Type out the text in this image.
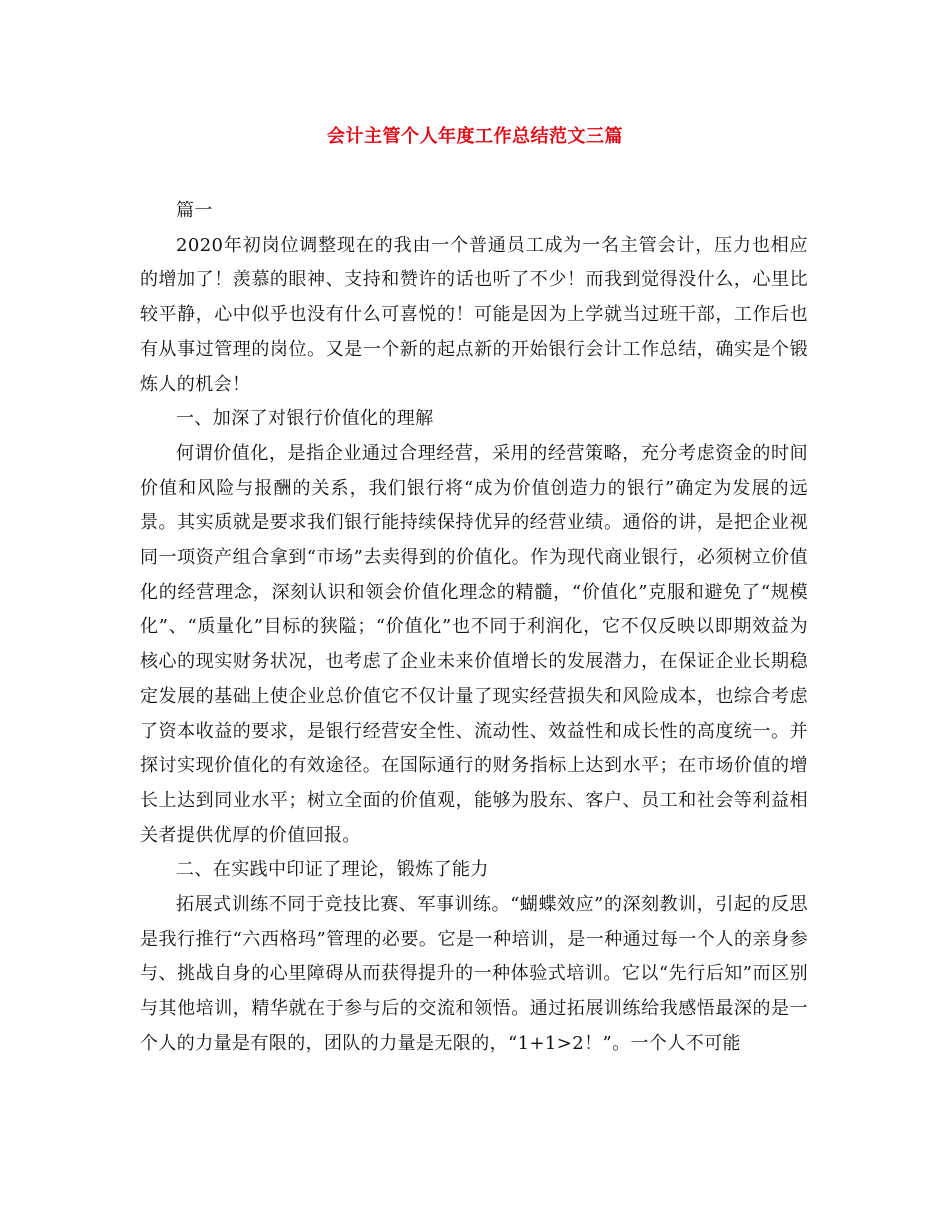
会计主管个人年度工作总结范文三篇

篇一

2020年初岗位调整现在的我由一个普通员工成为一名主管会计，压力也相应的增加了！羡慕的眼神、支持和赞许的话也听了不少！而我到觉得没什么，心里比较平静，心中似乎也没有什么可喜悦的！可能是因为上学就当过班干部，工作后也有从事过管理的岗位。又是一个新的起点新的开始银行会计工作总结，确实是个锻炼人的机会！

一、加深了对银行价值化的理解

何谓价值化，是指企业通过合理经营，采用的经营策略，充分考虑资金的时间价值和风险与报酬的关系，我们银行将“成为价值创造力的银行”确定为发展的远景。其实质就是要求我们银行能持续保持优异的经营业绩。通俗的讲，是把企业视同一项资产组合拿到“市场”去卖得到的价值化。作为现代商业银行，必须树立价值化的经营理念，深刻认识和领会价值化理念的精髓，“价值化”克服和避免了“规模化”、“质量化”目标的狭隘；“价值化”也不同于利润化，它不仅反映以即期效益为核心的现实财务状况，也考虑了企业未来价值增长的发展潜力，在保证企业长期稳定发展的基础上使企业总价值它不仅计量了现实经营损失和风险成本，也综合考虑了资本收益的要求，是银行经营安全性、流动性、效益性和成长性的高度统一。并探讨实现价值化的有效途径。在国际通行的财务指标上达到水平；在市场价值的增长上达到同业水平；树立全面的价值观，能够为股东、客户、员工和社会等利益相关者提供优厚的价值回报。

二、在实践中印证了理论，锻炼了能力

拓展式训练不同于竞技比赛、军事训练。“蝴蝶效应”的深刻教训，引起的反思是我行推行“六西格玛”管理的必要。它是一种培训，是一种通过每一个人的亲身参与、挑战自身的心里障碍从而获得提升的一种体验式培训。它以“先行后知”而区别与其他培训，精华就在于参与后的交流和领悟。通过拓展训练给我感悟最深的是一个人的力量是有限的，团队的力量是无限的，“1+1>2！”。一个人不可能
